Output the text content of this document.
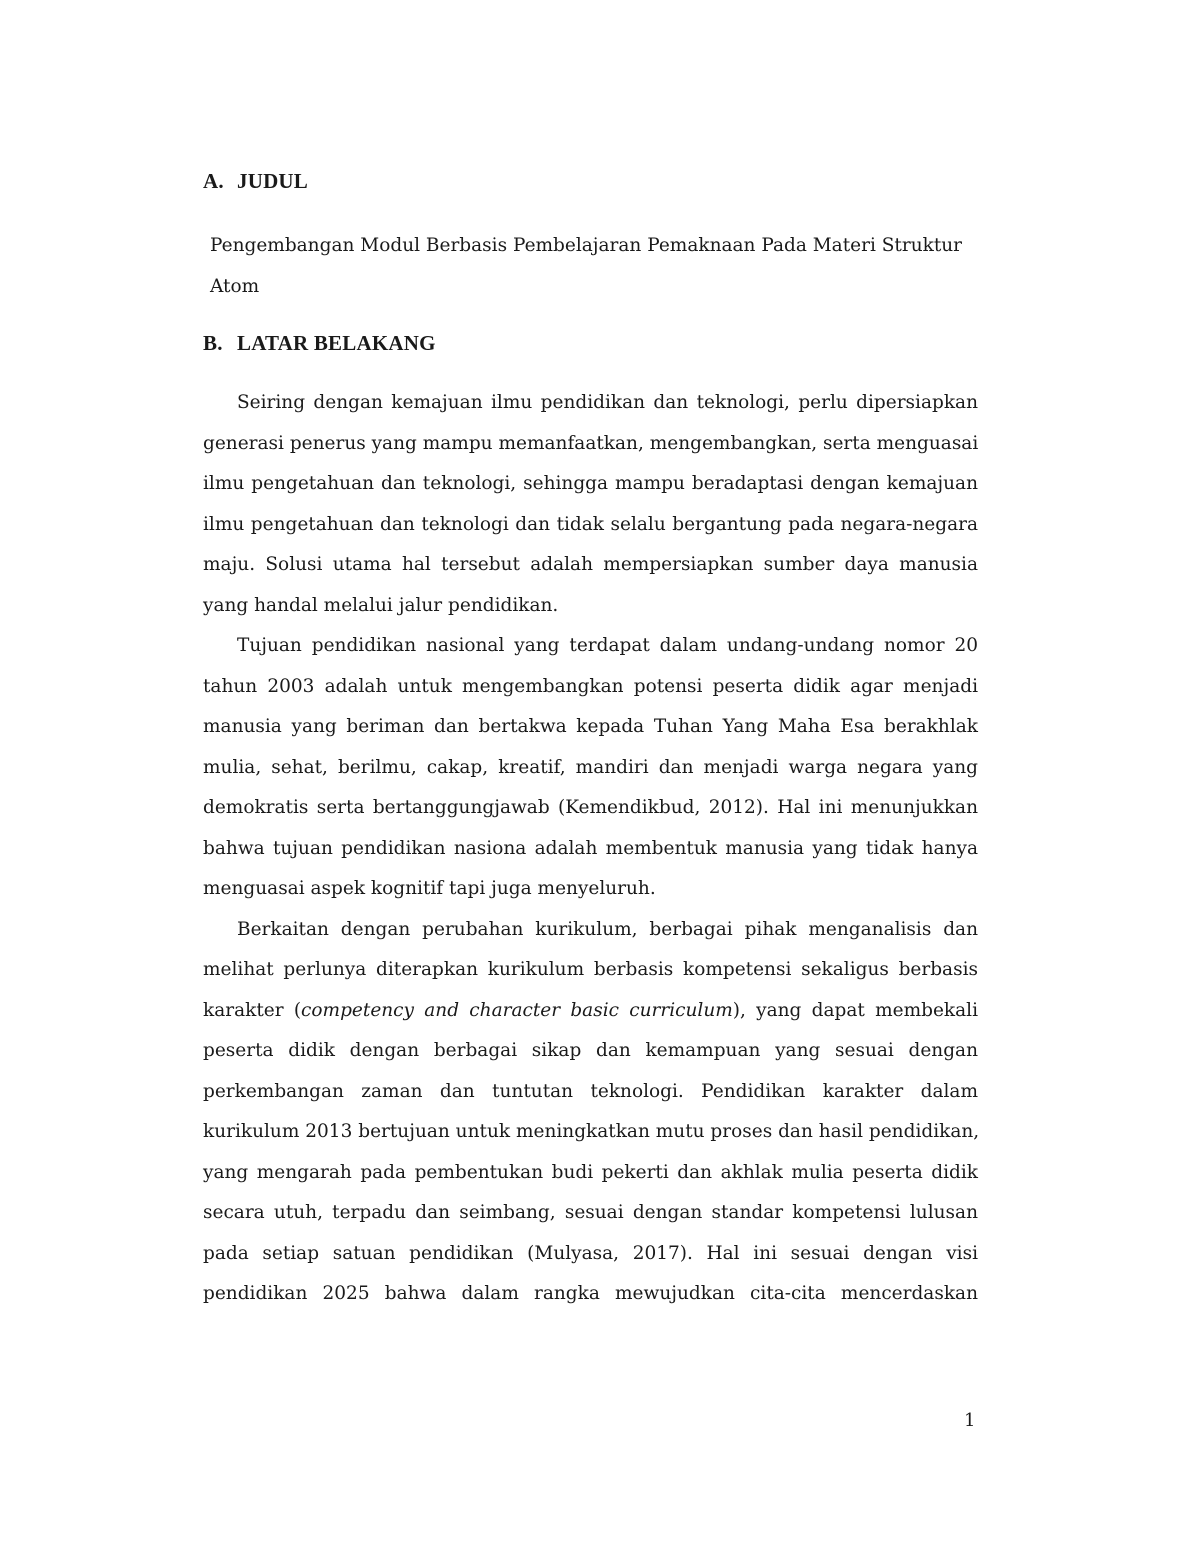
A. JUDUL

Pengembangan Modul Berbasis Pembelajaran Pemaknaan Pada Materi Struktur
Atom

B. LATAR BELAKANG

Seiring dengan kemajuan ilmu pendidikan dan teknologi, perlu dipersiapkan
generasi penerus yang mampu memanfaatkan, mengembangkan, serta menguasai
ilmu pengetahuan dan teknologi, sehingga mampu beradaptasi dengan kemajuan
ilmu pengetahuan dan teknologi dan tidak selalu bergantung pada negara-negara
maju. Solusi utama hal tersebut adalah mempersiapkan sumber daya manusia
yang handal melalui jalur pendidikan.

Tujuan pendidikan nasional yang terdapat dalam undang-undang nomor 20
tahun 2003 adalah untuk mengembangkan potensi peserta didik agar menjadi
manusia yang beriman dan bertakwa kepada Tuhan Yang Maha Esa berakhlak
mulia, sehat, berilmu, cakap, kreatif, mandiri dan menjadi warga negara yang
demokratis serta bertanggungjawab (Kemendikbud, 2012). Hal ini menunjukkan
bahwa tujuan pendidikan nasiona adalah membentuk manusia yang tidak hanya
menguasai aspek kognitif tapi juga menyeluruh.

Berkaitan dengan perubahan kurikulum, berbagai pihak menganalisis dan
melihat perlunya diterapkan kurikulum berbasis kompetensi sekaligus berbasis
karakter (competency and character basic curriculum), yang dapat membekali
peserta didik dengan berbagai sikap dan kemampuan yang sesuai dengan
perkembangan zaman dan tuntutan teknologi. Pendidikan karakter dalam
kurikulum 2013 bertujuan untuk meningkatkan mutu proses dan hasil pendidikan,
yang mengarah pada pembentukan budi pekerti dan akhlak mulia peserta didik
secara utuh, terpadu dan seimbang, sesuai dengan standar kompetensi lulusan
pada setiap satuan pendidikan (Mulyasa, 2017). Hal ini sesuai dengan visi
pendidikan 2025 bahwa dalam rangka mewujudkan cita-cita mencerdaskan

1
